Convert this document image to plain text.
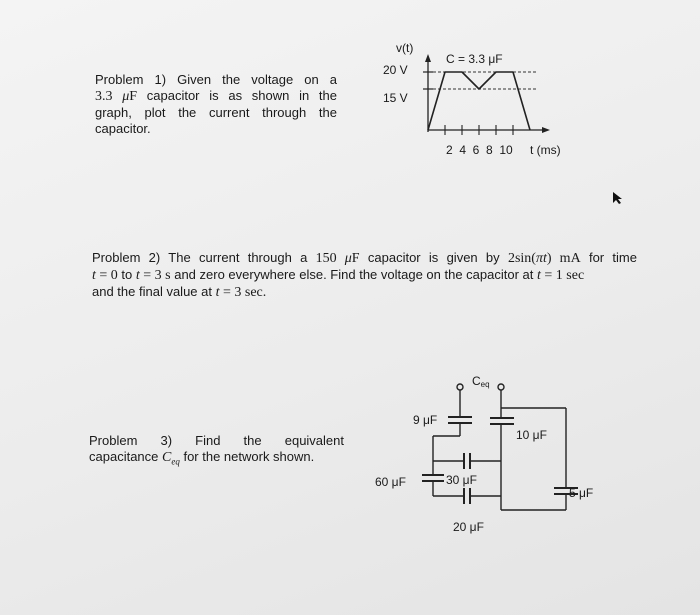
Problem 1) Given the voltage on a
3.3 μF capacitor is as shown in the
graph, plot the current through the
capacitor.
v(t)
20 V
15 V
C = 3.3 μF
2  4  6  8  10 t (ms)
Problem 2) The current through a 150 μF capacitor is given by 2sin(πt) mA for time
t = 0 to t = 3 s and zero everywhere else. Find the voltage on the capacitor at t = 1 sec
and the final value at t = 3 sec.
Problem 3) Find the equivalent
capacitance $C_{eq}$ for the network shown.
Ceq
9 μF
10 μF
30 μF
60 μF
5 μF
20 μF
